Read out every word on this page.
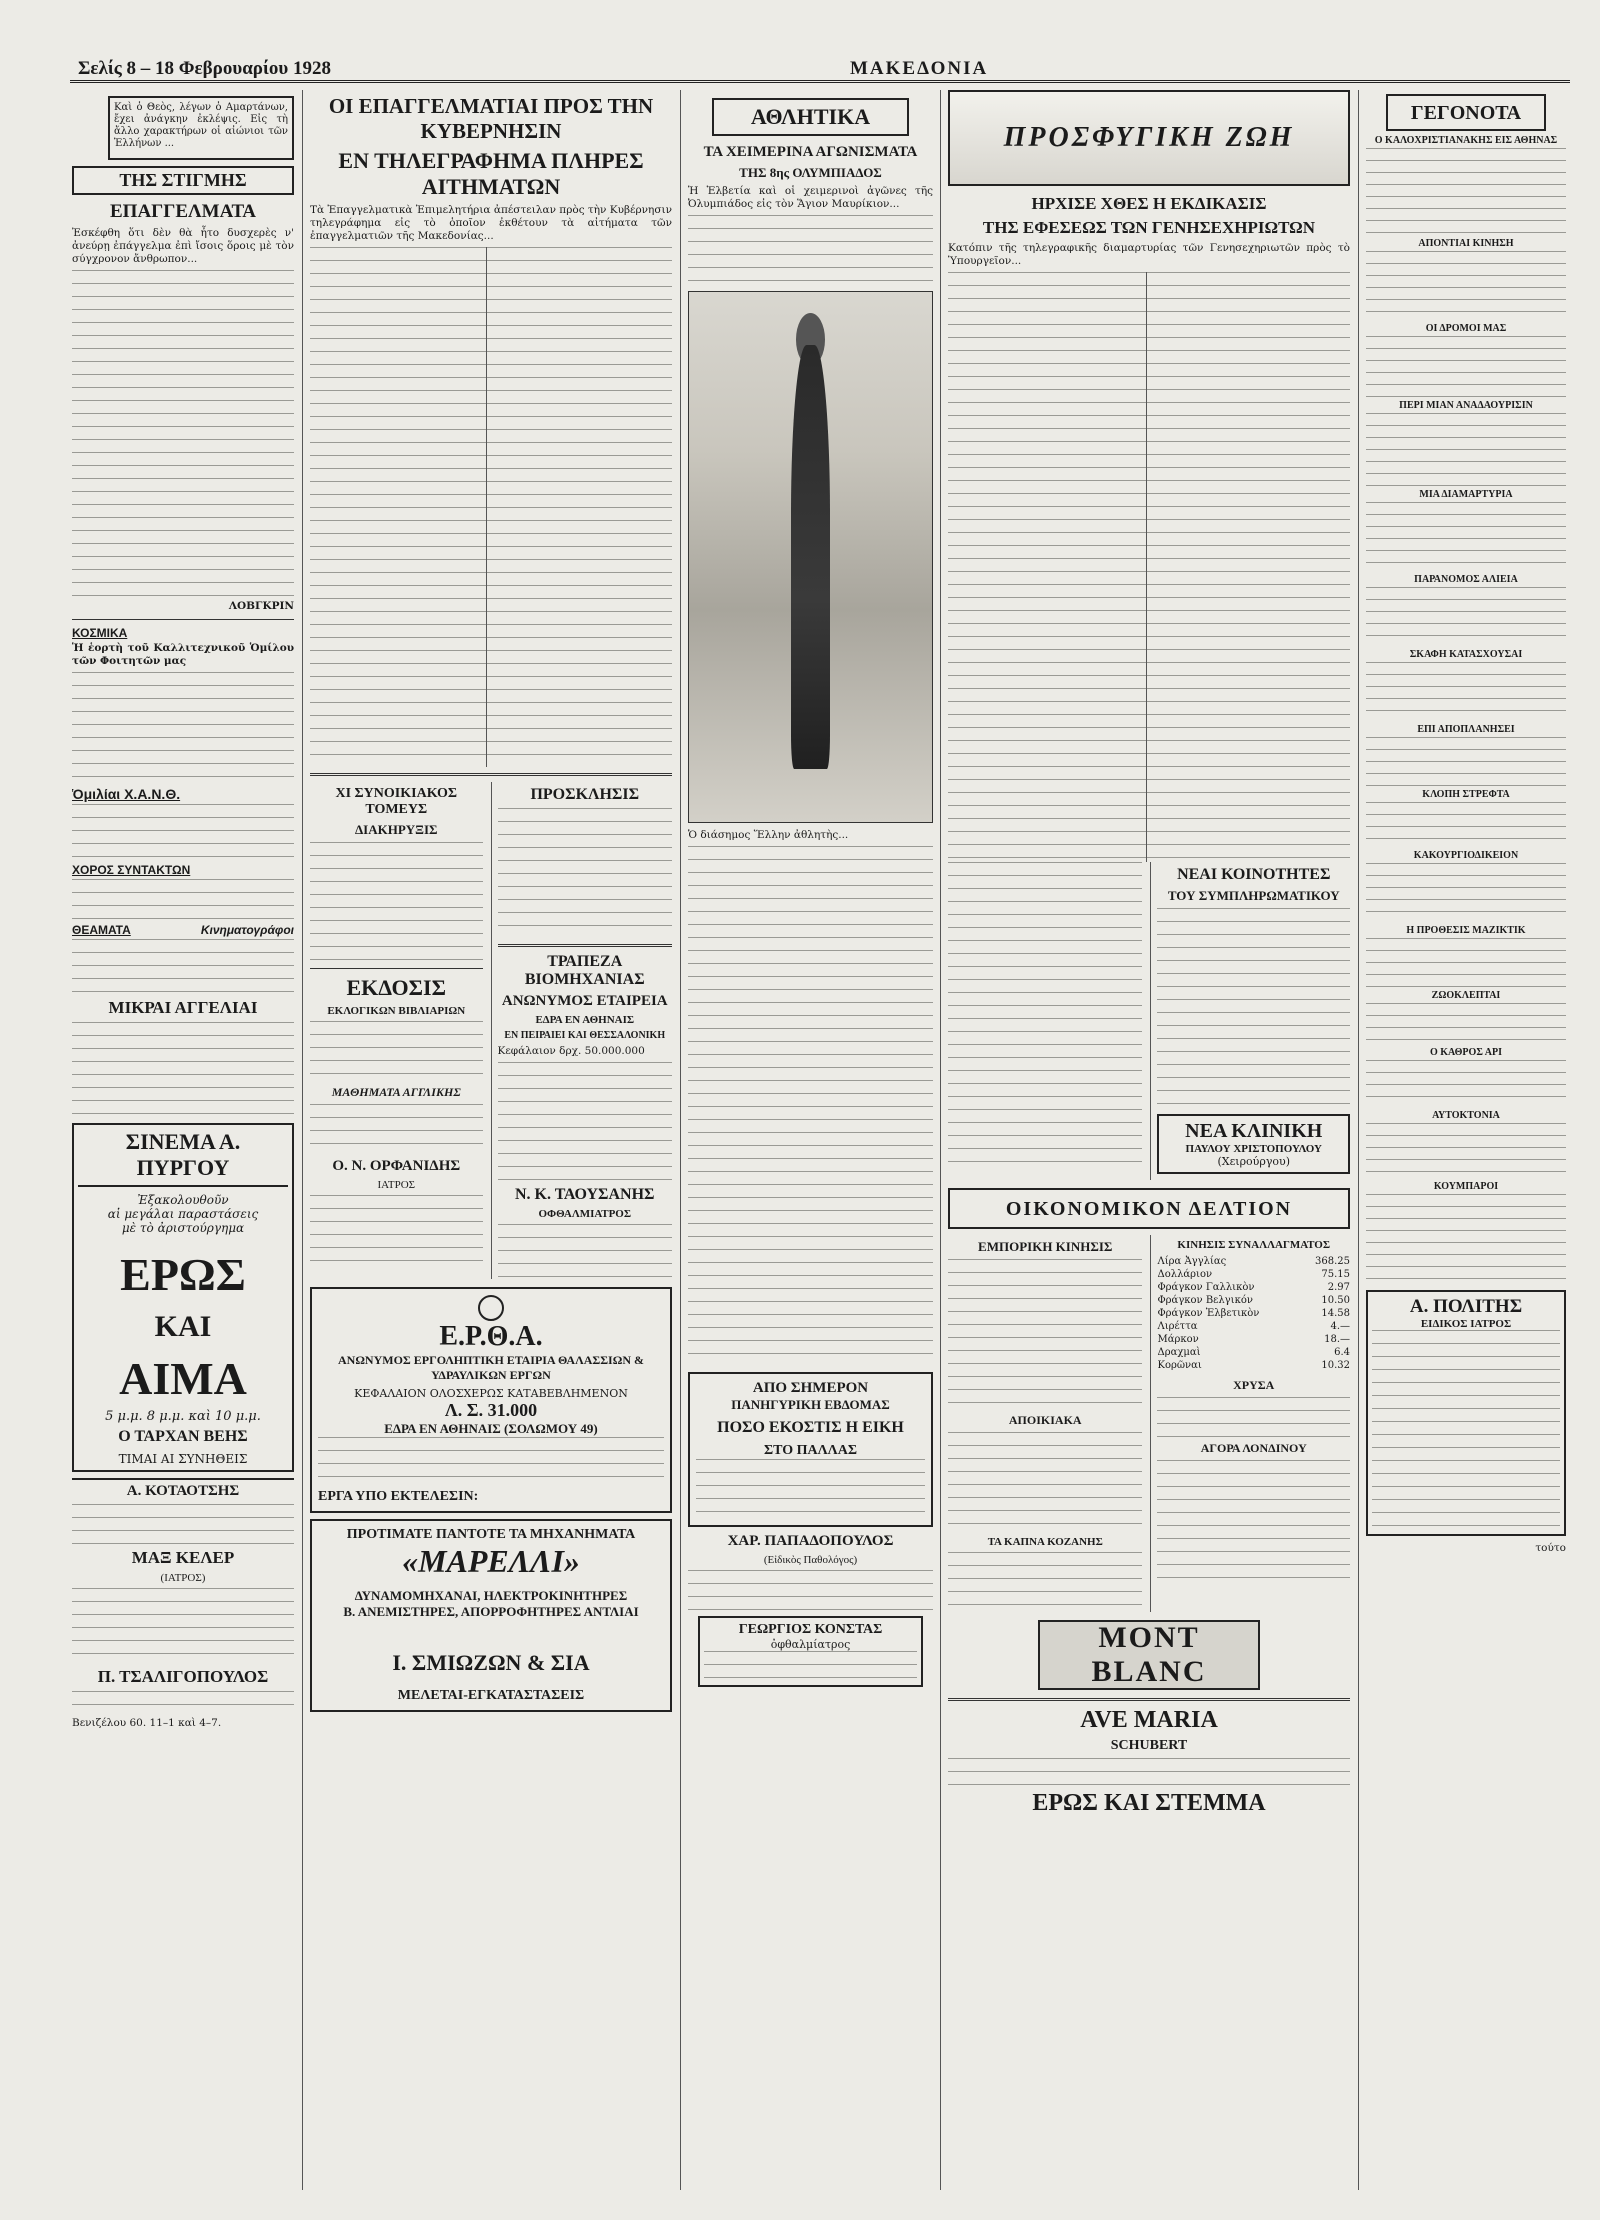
Σελίς 8 – 18 Φεβρουαρίου 1928	ΜΑΚΕΔΟΝΙΑ

Καὶ ὁ Θεὸς, λέγων ὁ Αμαρτάνων, ἔχει ἀνάγκην ἐκλέψις. Εἰς τὴ ἄλλο χαρακτήρων οἱ αἰώνιοι τῶν Ἑλλήνων ...

ΤΗΣ ΣΤΙΓΜΗΣ
ΕΠΑΓΓΕΛΜΑΤΑ

Ἐσκέφθη ὅτι δὲν θὰ ἦτο δυσχερὲς ν' ἀνεύρῃ ἐπάγγελμα ἐπὶ ἴσοις ὅροις μὲ τὸν σύγχρονον ἄνθρωπον...

ΛΟΒΓΚΡΙΝ

ΚΟΣΜΙΚΑ

Ἡ ἑορτὴ τοῦ Καλλιτεχνικοῦ Ὁμίλου τῶν Φοιτητῶν μας

Ὁμιλίαι Χ.Α.Ν.Θ.
ΧΟΡΟΣ ΣΥΝΤΑΚΤΩΝ
ΘΕΑΜΑΤΑ	Κινηματογράφοι
ΜΙΚΡΑΙ ΑΓΓΕΛΙΑΙ
ΣΙΝΕΜΑ Α. ΠΥΡΓΟΥ
Ἐξακολουθοῦν
αἱ μεγάλαι παραστάσεις
μὲ τὸ ἀριστούργημα
ΕΡΩΣ
ΚΑΙ
ΑΙΜΑ
5 μ.μ. 8 μ.μ. καὶ 10 μ.μ.
Ο ΤΑΡΧΑΝ ΒΕΗΣ
ΤΙΜΑΙ ΑΙ ΣΥΝΗΘΕΙΣ
Α. ΚΟΤΑΟΤΣΗΣ
ΜΑΞ ΚΕΛΕΡ
(ΙΑΤΡΟΣ)
Π. ΤΣΑΛΙΓΟΠΟΥΛΟΣ

Βενιζέλου 60. 11–1 καὶ 4–7.

ΟΙ ΕΠΑΓΓΕΛΜΑΤΙΑΙ ΠΡΟΣ ΤΗΝ ΚΥΒΕΡΝΗΣΙΝ
ΕΝ ΤΗΛΕΓΡΑΦΗΜΑ ΠΛΗΡΕΣ ΑΙΤΗΜΑΤΩΝ

Τὰ Ἐπαγγελματικὰ Ἐπιμελητήρια ἀπέστειλαν πρὸς τὴν Κυβέρνησιν τηλεγράφημα εἰς τὸ ὁποῖον ἐκθέτουν τὰ αἰτήματα τῶν ἐπαγγελματιῶν τῆς Μακεδονίας...

ΧΙ ΣΥΝΟΙΚΙΑΚΟΣ ΤΟΜΕΥΣ
ΔΙΑΚΗΡΥΞΙΣ
ΕΚΔΟΣΙΣ
ΕΚΛΟΓΙΚΩΝ ΒΙΒΛΙΑΡΙΩΝ
ΜΑΘΗΜΑΤΑ ΑΓΓΛΙΚΗΣ
Ο. Ν. ΟΡΦΑΝΙΔΗΣ
ΙΑΤΡΟΣ
ΠΡΟΣΚΛΗΣΙΣ
ΤΡΑΠΕΖΑ ΒΙΟΜΗΧΑΝΙΑΣ
ΑΝΩΝΥΜΟΣ ΕΤΑΙΡΕΙΑ
ΕΔΡΑ ΕΝ ΑΘΗΝΑΙΣ
ΕΝ ΠΕΙΡΑΙΕΙ ΚΑΙ ΘΕΣΣΑΛΟΝΙΚΗ

Κεφάλαιον δρχ. 50.000.000

Ν. Κ. ΤΑΟΥΣΑΝΗΣ
ΟΦΘΑΛΜΙΑΤΡΟΣ
Ε.Ρ.Θ.Α.
ΑΝΩΝΥΜΟΣ ΕΡΓΟΛΗΠΤΙΚΗ ΕΤΑΙΡΙΑ ΘΑΛΑΣΣΙΩΝ & ΥΔΡΑΥΛΙΚΩΝ ΕΡΓΩΝ
ΚΕΦΑΛΑΙΟΝ ΟΛΟΣΧΕΡΩΣ ΚΑΤΑΒΕΒΛΗΜΕΝΟΝ
Λ. Σ. 31.000
ΕΔΡΑ ΕΝ ΑΘΗΝΑΙΣ (ΣΟΛΩΜΟΥ 49)
ΕΡΓΑ ΥΠΟ ΕΚΤΕΛΕΣΙΝ:
ΠΡΟΤΙΜΑΤΕ ΠΑΝΤΟΤΕ ΤΑ ΜΗΧΑΝΗΜΑΤΑ
«ΜΑΡΕΛΛΙ»
ΔΥΝΑΜΟΜΗΧΑΝΑΙ, ΗΛΕΚΤΡΟΚΙΝΗΤΗΡΕΣ
Β. ΑΝΕΜΙΣΤΗΡΕΣ, ΑΠΟΡΡΟΦΗΤΗΡΕΣ ΑΝΤΛΙΑΙ
Ι. ΣΜΙΩΖΩΝ & ΣΙΑ
ΜΕΛΕΤΑΙ-ΕΓΚΑΤΑΣΤΑΣΕΙΣ
ΑΘΛΗΤΙΚΑ
ΤΑ ΧΕΙΜΕΡΙΝΑ ΑΓΩΝΙΣΜΑΤΑ
ΤΗΣ 8ης ΟΛΥΜΠΙΑΔΟΣ

Ἡ Ἑλβετία καὶ οἱ χειμερινοὶ ἀγῶνες τῆς Ὀλυμπιάδος εἰς τὸν Ἅγιον Μαυρίκιον...

Ὁ διάσημος Ἕλλην ἀθλητὴς...

ΑΠΟ ΣΗΜΕΡΟΝ
ΠΑΝΗΓΥΡΙΚΗ ΕΒΔΟΜΑΣ
ΠΟΣΟ ΕΚΟΣΤΙΣ Η ΕΙΚΗ
ΣΤΟ ΠΑΛΛΑΣ
ΧΑΡ. ΠΑΠΑΔΟΠΟΥΛΟΣ
(Εἰδικὸς Παθολόγος)
ΓΕΩΡΓΙΟΣ ΚΟΝΣΤΑΣ
ὀφθαλμίατρος
ΠΡΟΣΦΥΓΙΚΗ ΖΩΗ
ΗΡΧΙΣΕ ΧΘΕΣ Η ΕΚΔΙΚΑΣΙΣ
ΤΗΣ ΕΦΕΣΕΩΣ ΤΩΝ ΓΕΝΗΣΕΧΗΡΙΩΤΩΝ

Κατόπιν τῆς τηλεγραφικῆς διαμαρτυρίας τῶν Γενησεχηριωτῶν πρὸς τὸ Ὑπουργεῖον...

ΝΕΑΙ ΚΟΙΝΟΤΗΤΕΣ
ΤΟΥ ΣΥΜΠΛΗΡΩΜΑΤΙΚΟΥ
ΝΕΑ ΚΛΙΝΙΚΗ
ΠΑΥΛΟΥ ΧΡΙΣΤΟΠΟΥΛΟΥ
(Χειρούργου)
ΟΙΚΟΝΟΜΙΚΟΝ ΔΕΛΤΙΟΝ
ΕΜΠΟΡΙΚΗ ΚΙΝΗΣΙΣ
ΑΠΟΙΚΙΑΚΑ
ΤΑ ΚΑΠΝΑ ΚΟΖΑΝΗΣ
ΚΙΝΗΣΙΣ ΣΥΝΑΛΛΑΓΜΑΤΟΣ
Λίρα Ἀγγλίας	368.25
Δολλάριον	75.15
Φράγκον Γαλλικὸν	2.97
Φράγκον Βελγικόν	10.50
Φράγκον Ἑλβετικὸν	14.58
Λιρέττα	4.—
Μάρκον	18.—
Δραχμαὶ	6.4
Κορῶναι	10.32
ΧΡΥΣΑ
ΑΓΟΡΑ ΛΟΝΔΙΝΟΥ
MONT BLANC
AVE MARIA
SCHUBERT
ΕΡΩΣ ΚΑΙ ΣΤΕΜΜΑ
ΓΕΓΟΝΟΤΑ
Ο ΚΑΛΟΧΡΙΣΤΙΑΝΑΚΗΣ ΕΙΣ ΑΘΗΝΑΣ
ΑΠΟΝΤΙΑΙ ΚΙΝΗΣΗ
ΟΙ ΔΡΟΜΟΙ ΜΑΣ
ΠΕΡΙ ΜΙΑΝ ΑΝΑΔΑΟΥΡΙΣΙΝ
ΜΙΑ ΔΙΑΜΑΡΤΥΡΙΑ
ΠΑΡΑΝΟΜΟΣ ΑΛΙΕΙΑ
ΣΚΑΦΗ ΚΑΤΑΣΧΟΥΣΑΙ
ΕΠΙ ΑΠΟΠΛΑΝΗΣΕΙ
ΚΛΟΠΗ ΣΤΡΕΦΤΑ
ΚΑΚΟΥΡΓΙΟΔΙΚΕΙΟΝ
Η ΠΡΟΘΕΣΙΣ ΜΑΖΙΚΤΙΚ
ΖΩΟΚΛΕΠΤΑΙ
Ο ΚΑΘΡΟΣ ΑΡΙ
ΑΥΤΟΚΤΟΝΙΑ
ΚΟΥΜΠΑΡΟΙ
Α. ΠΟΛΙΤΗΣ
ΕΙΔΙΚΟΣ ΙΑΤΡΟΣ

τούτο
